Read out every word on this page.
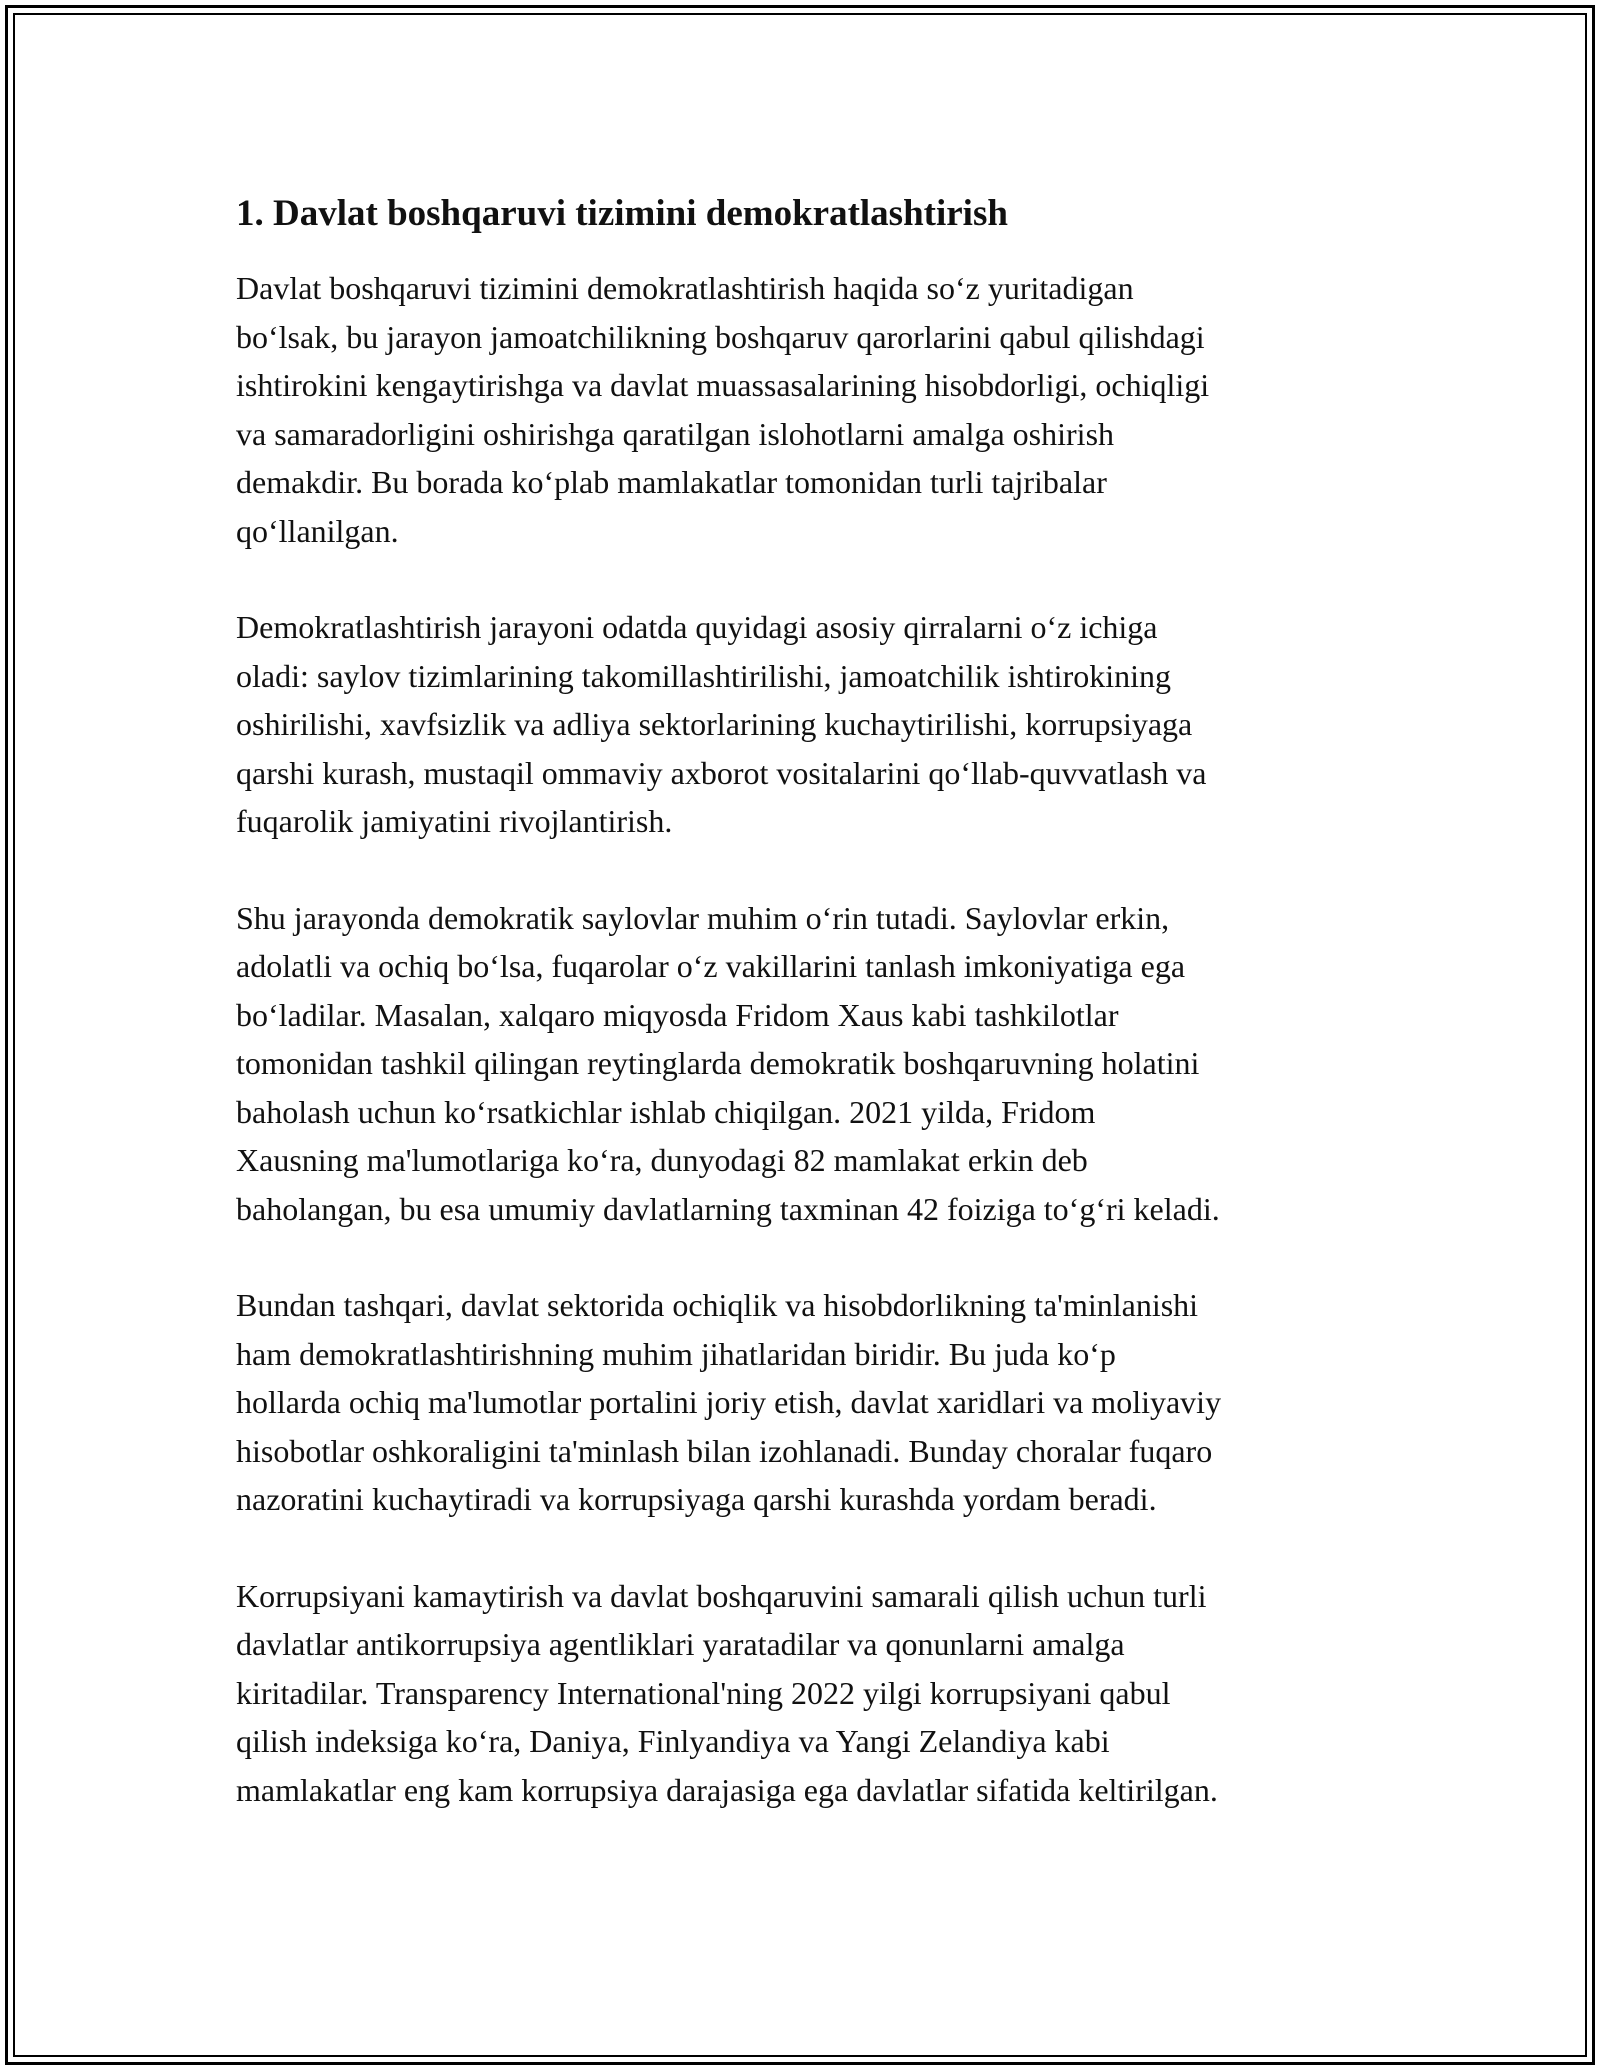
1. Davlat boshqaruvi tizimini demokratlashtirish

Davlat boshqaruvi tizimini demokratlashtirish haqida so‘z yuritadigan
bo‘lsak, bu jarayon jamoatchilikning boshqaruv qarorlarini qabul qilishdagi
ishtirokini kengaytirishga va davlat muassasalarining hisobdorligi, ochiqligi
va samaradorligini oshirishga qaratilgan islohotlarni amalga oshirish
demakdir. Bu borada ko‘plab mamlakatlar tomonidan turli tajribalar
qo‘llanilgan.

Demokratlashtirish jarayoni odatda quyidagi asosiy qirralarni o‘z ichiga
oladi: saylov tizimlarining takomillashtirilishi, jamoatchilik ishtirokining
oshirilishi, xavfsizlik va adliya sektorlarining kuchaytirilishi, korrupsiyaga
qarshi kurash, mustaqil ommaviy axborot vositalarini qo‘llab-quvvatlash va
fuqarolik jamiyatini rivojlantirish.

Shu jarayonda demokratik saylovlar muhim o‘rin tutadi. Saylovlar erkin,
adolatli va ochiq bo‘lsa, fuqarolar o‘z vakillarini tanlash imkoniyatiga ega
bo‘ladilar. Masalan, xalqaro miqyosda Fridom Xaus kabi tashkilotlar
tomonidan tashkil qilingan reytinglarda demokratik boshqaruvning holatini
baholash uchun ko‘rsatkichlar ishlab chiqilgan. 2021 yilda, Fridom
Xausning ma'lumotlariga ko‘ra, dunyodagi 82 mamlakat erkin deb
baholangan, bu esa umumiy davlatlarning taxminan 42 foiziga to‘g‘ri keladi.

Bundan tashqari, davlat sektorida ochiqlik va hisobdorlikning ta'minlanishi
ham demokratlashtirishning muhim jihatlaridan biridir. Bu juda ko‘p
hollarda ochiq ma'lumotlar portalini joriy etish, davlat xaridlari va moliyaviy
hisobotlar oshkoraligini ta'minlash bilan izohlanadi. Bunday choralar fuqaro
nazoratini kuchaytiradi va korrupsiyaga qarshi kurashda yordam beradi.

Korrupsiyani kamaytirish va davlat boshqaruvini samarali qilish uchun turli
davlatlar antikorrupsiya agentliklari yaratadilar va qonunlarni amalga
kiritadilar. Transparency International'ning 2022 yilgi korrupsiyani qabul
qilish indeksiga ko‘ra, Daniya, Finlyandiya va Yangi Zelandiya kabi
mamlakatlar eng kam korrupsiya darajasiga ega davlatlar sifatida keltirilgan.
